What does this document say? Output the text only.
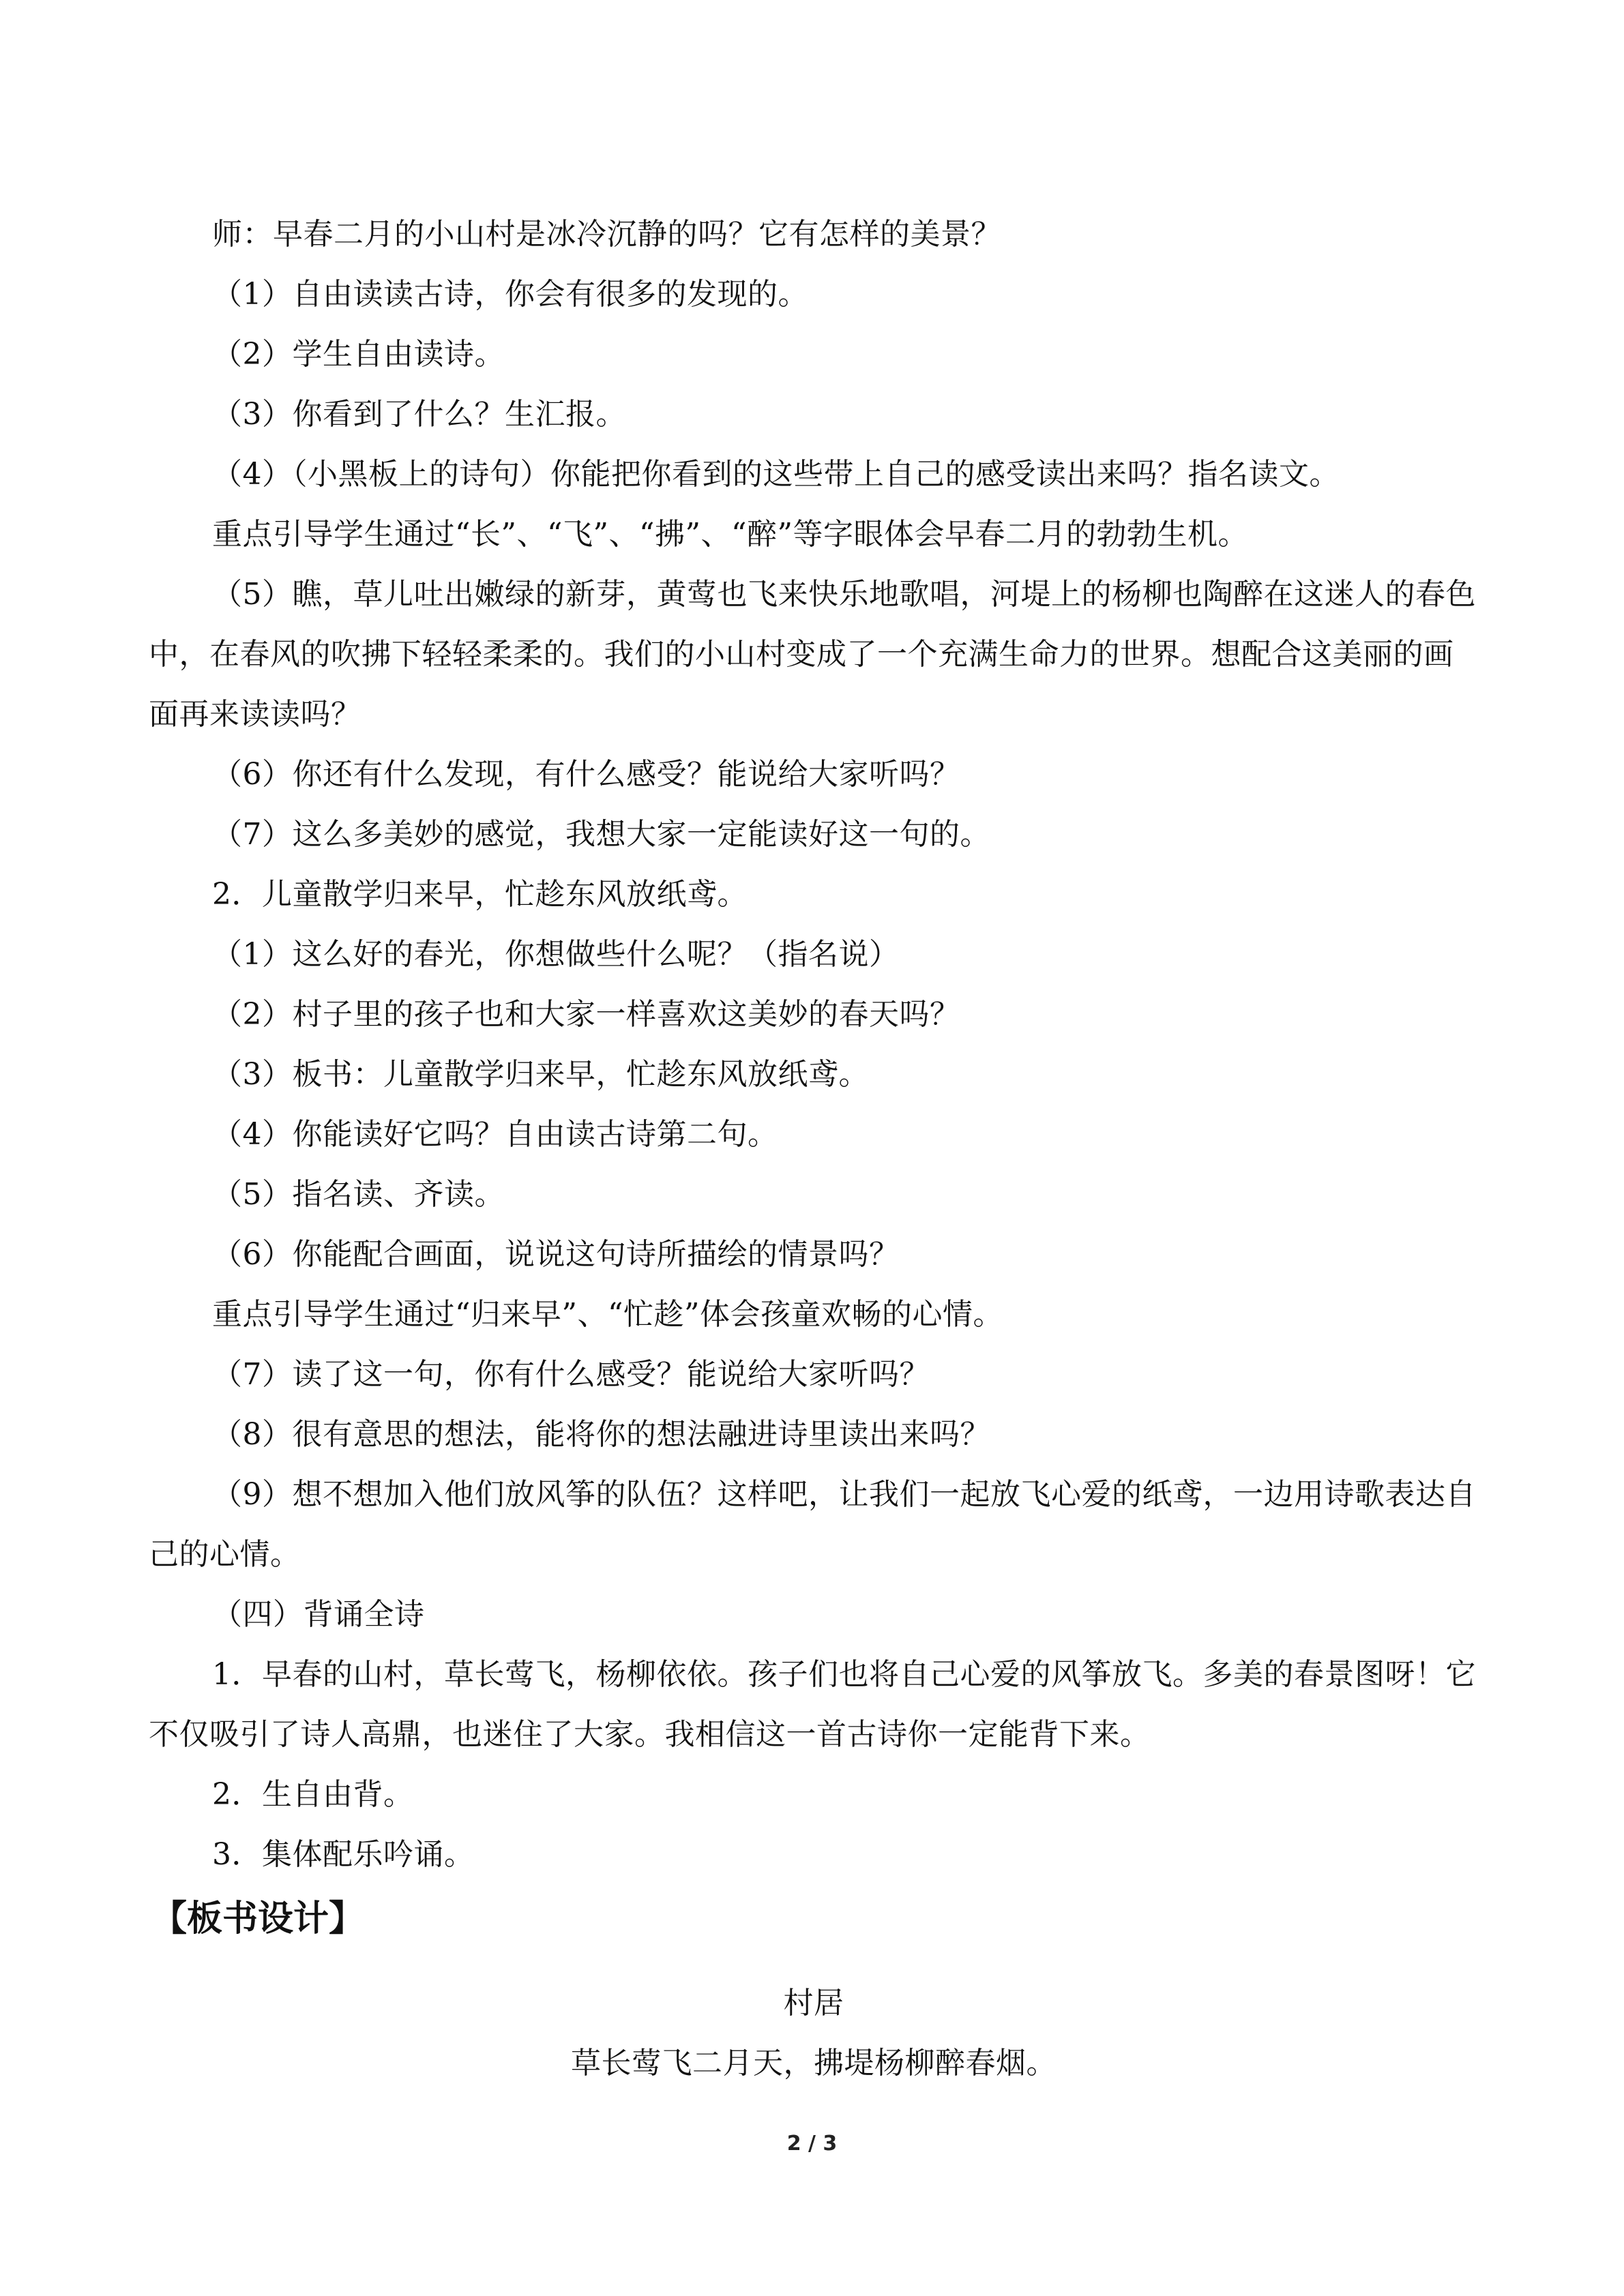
师：早春二月的小山村是冰冷沉静的吗？它有怎样的美景？

（1）自由读读古诗，你会有很多的发现的。

（2）学生自由读诗。

（3）你看到了什么？生汇报。

（4）（小黑板上的诗句）你能把你看到的这些带上自己的感受读出来吗？指名读文。

重点引导学生通过“长”、“飞”、“拂”、“醉”等字眼体会早春二月的勃勃生机。

（5）瞧，草儿吐出嫩绿的新芽，黄莺也飞来快乐地歌唱，河堤上的杨柳也陶醉在这迷人的春色中，在春风的吹拂下轻轻柔柔的。我们的小山村变成了一个充满生命力的世界。想配合这美丽的画面再来读读吗？

（6）你还有什么发现，有什么感受？能说给大家听吗？

（7）这么多美妙的感觉，我想大家一定能读好这一句的。

2．儿童散学归来早，忙趁东风放纸鸢。

（1）这么好的春光，你想做些什么呢？（指名说）

（2）村子里的孩子也和大家一样喜欢这美妙的春天吗？

（3）板书：儿童散学归来早，忙趁东风放纸鸢。

（4）你能读好它吗？自由读古诗第二句。

（5）指名读、齐读。

（6）你能配合画面，说说这句诗所描绘的情景吗？

重点引导学生通过“归来早”、“忙趁”体会孩童欢畅的心情。

（7）读了这一句，你有什么感受？能说给大家听吗？

（8）很有意思的想法，能将你的想法融进诗里读出来吗？

（9）想不想加入他们放风筝的队伍？这样吧，让我们一起放飞心爱的纸鸢，一边用诗歌表达自己的心情。

（四）背诵全诗

1．早春的山村，草长莺飞，杨柳依依。孩子们也将自己心爱的风筝放飞。多美的春景图呀！它不仅吸引了诗人高鼎，也迷住了大家。我相信这一首古诗你一定能背下来。

2．生自由背。

3．集体配乐吟诵。

【板书设计】

村居

草长莺飞二月天，拂堤杨柳醉春烟。

2 / 3
